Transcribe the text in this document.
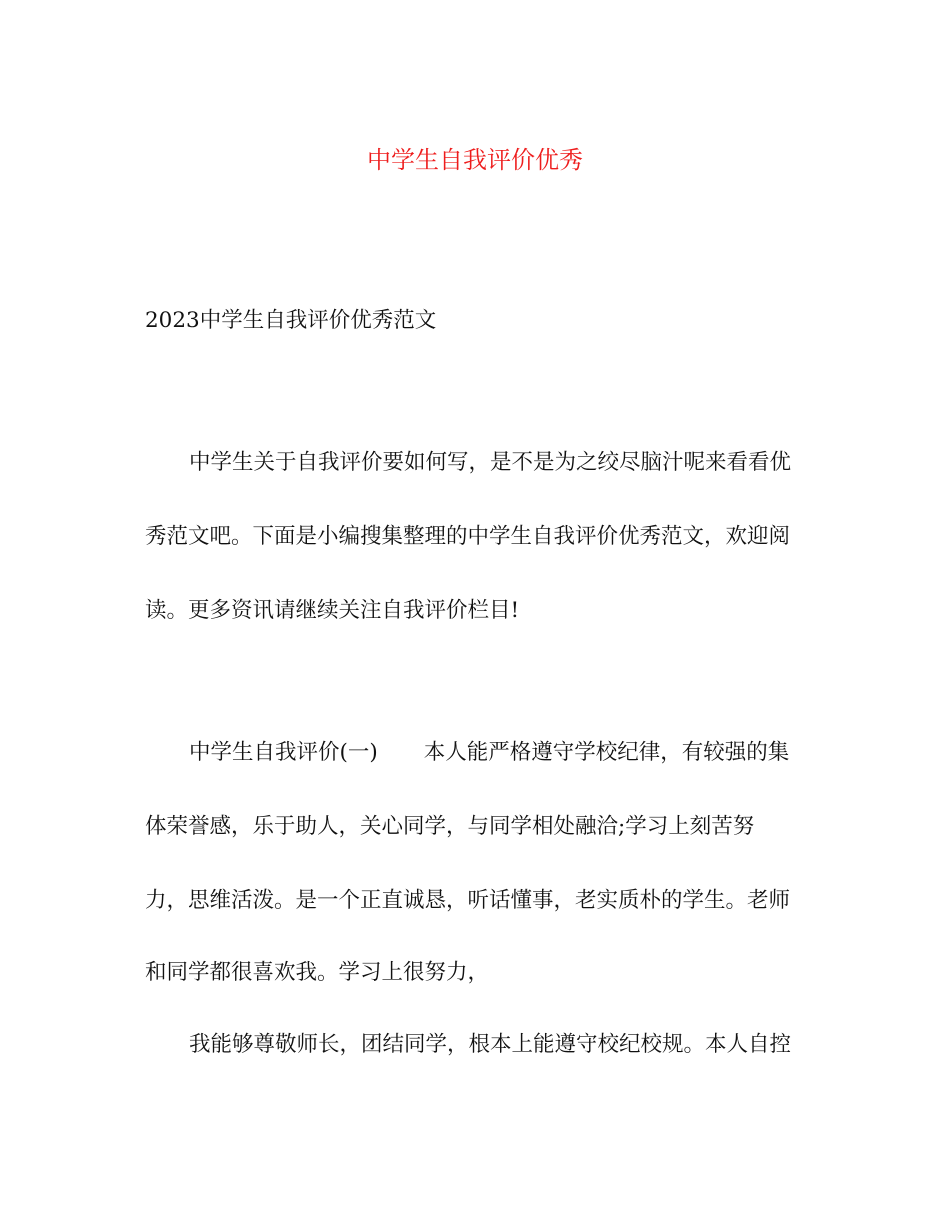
中学生自我评价优秀
2023中学生自我评价优秀范文
中学生关于自我评价要如何写，是不是为之绞尽脑汁呢来看看优
秀范文吧。下面是小编搜集整理的中学生自我评价优秀范文，欢迎阅
读。更多资讯请继续关注自我评价栏目!
中学生自我评价(一) 本人能严格遵守学校纪律，有较强的集
体荣誉感，乐于助人，关心同学，与同学相处融洽;学习上刻苦努
力，思维活泼。是一个正直诚恳，听话懂事，老实质朴的学生。老师
和同学都很喜欢我。学习上很努力，
我能够尊敬师长，团结同学，根本上能遵守校纪校规。本人自控
